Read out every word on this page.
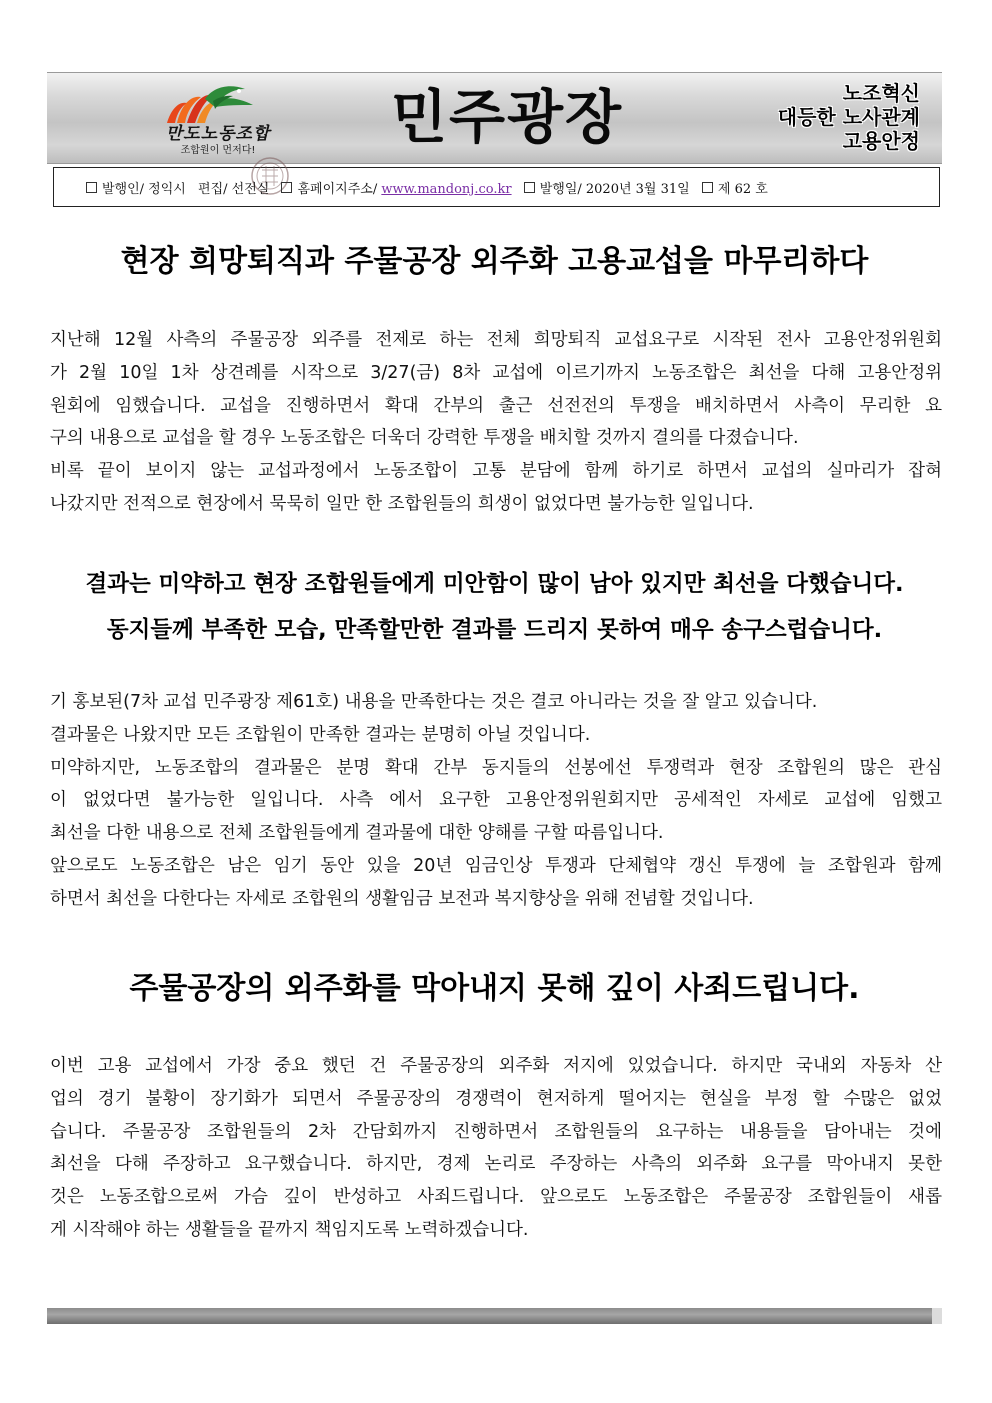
만도노동조합
조합원이 먼저다!	민주광장	노조혁신
대등한 노사관계
고용안정
발행인/ 정익시 편집/ 선전실 홈페이지주소/ www.mandonj.co.kr 발행일/ 2020년 3월 31일 제 62 호
현장 희망퇴직과 주물공장 외주화 고용교섭을 마무리하다
지난해 12월 사측의 주물공장 외주를 전제로 하는 전체 희망퇴직 교섭요구로 시작된 전사 고용안정위원회
가 2월 10일 1차 상견례를 시작으로 3/27(금) 8차 교섭에 이르기까지 노동조합은 최선을 다해 고용안정위
원회에 임했습니다. 교섭을 진행하면서 확대 간부의 출근 선전전의 투쟁을 배치하면서 사측이 무리한 요
구의 내용으로 교섭을 할 경우 노동조합은 더욱더 강력한 투쟁을 배치할 것까지 결의를 다졌습니다.
비록 끝이 보이지 않는 교섭과정에서 노동조합이 고통 분담에 함께 하기로 하면서 교섭의 실마리가 잡혀
나갔지만 전적으로 현장에서 묵묵히 일만 한 조합원들의 희생이 없었다면 불가능한 일입니다.
결과는 미약하고 현장 조합원들에게 미안함이 많이 남아 있지만 최선을 다했습니다.
동지들께 부족한 모습, 만족할만한 결과를 드리지 못하여 매우 송구스럽습니다.
기 홍보된(7차 교섭 민주광장 제61호) 내용을 만족한다는 것은 결코 아니라는 것을 잘 알고 있습니다.
결과물은 나왔지만 모든 조합원이 만족한 결과는 분명히 아닐 것입니다.
미약하지만, 노동조합의 결과물은 분명 확대 간부 동지들의 선봉에선 투쟁력과 현장 조합원의 많은 관심
이 없었다면 불가능한 일입니다. 사측 에서 요구한 고용안정위원회지만 공세적인 자세로 교섭에 임했고
최선을 다한 내용으로 전체 조합원들에게 결과물에 대한 양해를 구할 따름입니다.
앞으로도 노동조합은 남은 임기 동안 있을 20년 임금인상 투쟁과 단체협약 갱신 투쟁에 늘 조합원과 함께
하면서 최선을 다한다는 자세로 조합원의 생활임금 보전과 복지향상을 위해 전념할 것입니다.
주물공장의 외주화를 막아내지 못해 깊이 사죄드립니다.
이번 고용 교섭에서 가장 중요 했던 건 주물공장의 외주화 저지에 있었습니다. 하지만 국내외 자동차 산
업의 경기 불황이 장기화가 되면서 주물공장의 경쟁력이 현저하게 떨어지는 현실을 부정 할 수많은 없었
습니다. 주물공장 조합원들의 2차 간담회까지 진행하면서 조합원들의 요구하는 내용들을 담아내는 것에
최선을 다해 주장하고 요구했습니다. 하지만, 경제 논리로 주장하는 사측의 외주화 요구를 막아내지 못한
것은 노동조합으로써 가슴 깊이 반성하고 사죄드립니다. 앞으로도 노동조합은 주물공장 조합원들이 새롭
게 시작해야 하는 생활들을 끝까지 책임지도록 노력하겠습니다.
